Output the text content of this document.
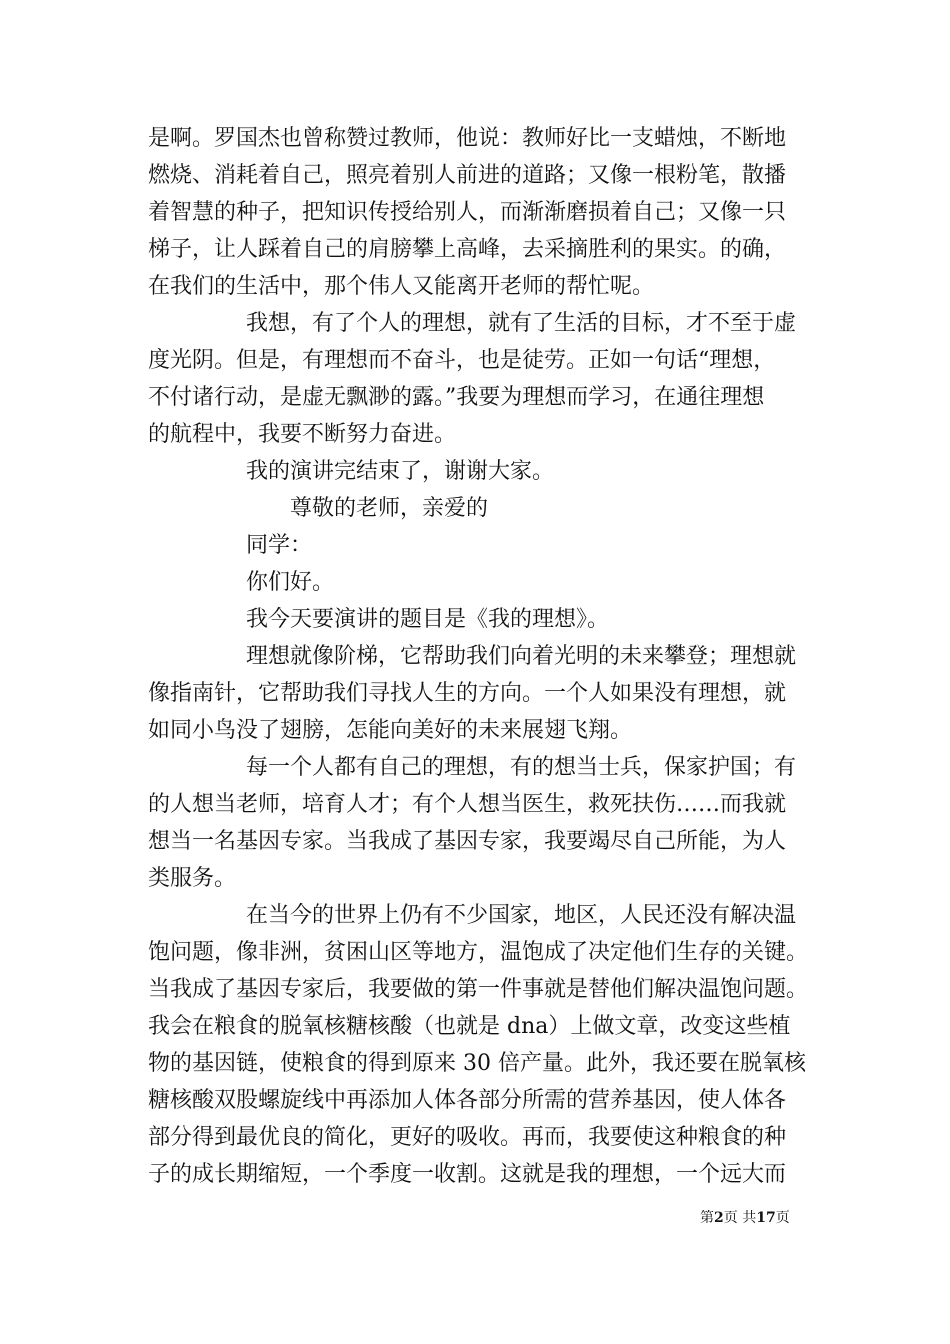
是啊。罗国杰也曾称赞过教师，他说：教师好比一支蜡烛，不断地
燃烧、消耗着自己，照亮着别人前进的道路；又像一根粉笔，散播
着智慧的种子，把知识传授给别人，而渐渐磨损着自己；又像一只
梯子，让人踩着自己的肩膀攀上高峰，去采摘胜利的果实。的确，
在我们的生活中，那个伟人又能离开老师的帮忙呢。
我想，有了个人的理想，就有了生活的目标，才不至于虚
度光阴。但是，有理想而不奋斗，也是徒劳。正如一句话“理想，
不付诸行动，是虚无飘渺的露。”我要为理想而学习，在通往理想
的航程中，我要不断努力奋进。
我的演讲完结束了，谢谢大家。
尊敬的老师，亲爱的
同学：
你们好。
我今天要演讲的题目是《我的理想》。
理想就像阶梯，它帮助我们向着光明的未来攀登；理想就
像指南针，它帮助我们寻找人生的方向。一个人如果没有理想，就
如同小鸟没了翅膀，怎能向美好的未来展翅飞翔。
每一个人都有自己的理想，有的想当士兵，保家护国；有
的人想当老师，培育人才；有个人想当医生，救死扶伤……而我就
想当一名基因专家。当我成了基因专家，我要竭尽自己所能，为人
类服务。
在当今的世界上仍有不少国家，地区，人民还没有解决温
饱问题，像非洲，贫困山区等地方，温饱成了决定他们生存的关键。
当我成了基因专家后，我要做的第一件事就是替他们解决温饱问题。
我会在粮食的脱氧核糖核酸（也就是 dna）上做文章，改变这些植
物的基因链，使粮食的得到原来 30 倍产量。此外，我还要在脱氧核
糖核酸双股螺旋线中再添加人体各部分所需的营养基因，使人体各
部分得到最优良的简化，更好的吸收。再而，我要使这种粮食的种
子的成长期缩短，一个季度一收割。这就是我的理想，一个远大而
第2页 共17页
